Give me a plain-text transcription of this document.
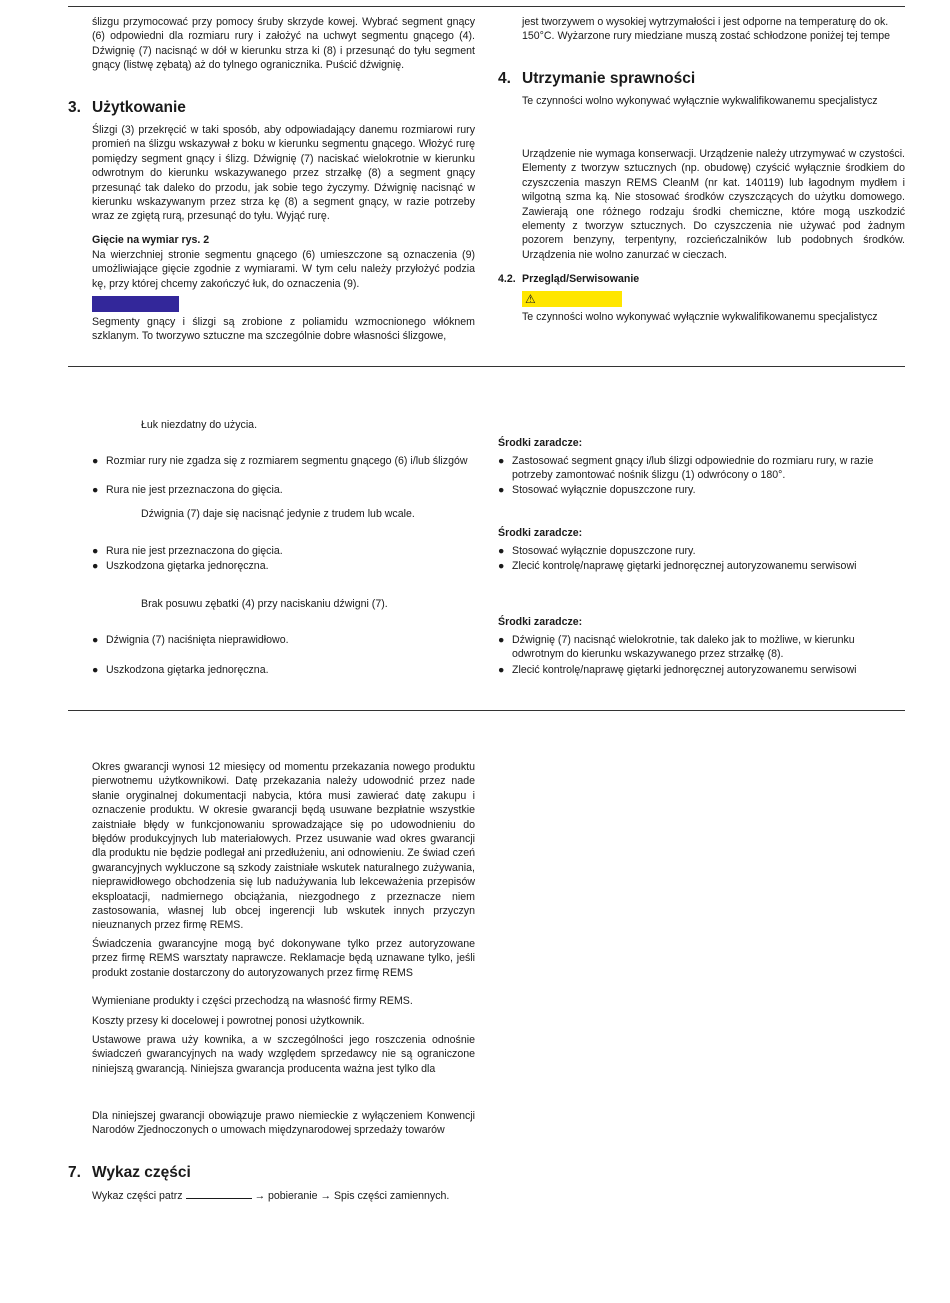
ślizgu przymocować przy pomocy śruby skrzyde kowej. Wybrać segment gnący (6) odpowiedni dla rozmiaru rury i założyć na uchwyt segmentu gnącego (4). Dźwignię (7) nacisnąć w dół w kierunku strza ki (8) i przesunąć do tyłu segment gnący (listwę zębatą) aż do tylnego ogranicznika. Puścić dźwignię.

3. Użytkowanie

Ślizgi (3) przekręcić w taki sposób, aby odpowiadający danemu rozmiarowi rury promień na ślizgu wskazywał z boku w kierunku segmentu gnącego. Włożyć rurę pomiędzy segment gnący i ślizg. Dźwignię (7) naciskać wielokrotnie w kierunku odwrotnym do kierunku wskazywanego przez strzałkę (8) a segment gnący przesunąć tak daleko do przodu, jak sobie tego życzymy. Dźwignię nacisnąć w kierunku wskazywanym przez strza kę (8) a segment gnący, w razie potrzeby wraz ze zgiętą rurą, przesunąć do tyłu. Wyjąć rurę.

Gięcie na wymiar rys. 2

Na wierzchniej stronie segmentu gnącego (6) umieszczone są oznaczenia (9) umożliwiające gięcie zgodnie z wymiarami. W tym celu należy przyłożyć podzia kę, przy której chcemy zakończyć łuk, do oznaczenia (9).

Segmenty gnący i ślizgi są zrobione z poliamidu wzmocnionego włóknem szklanym. To tworzywo sztuczne ma szczególnie dobre własności ślizgowe,

jest tworzywem o wysokiej wytrzymałości i jest odporne na temperaturę do ok. 150°C. Wyżarzone rury miedziane muszą zostać schłodzone poniżej tej tempe

4. Utrzymanie sprawności
Te czynności wolno wykonywać wyłącznie wykwalifikowanemu specjalistycz

Urządzenie nie wymaga konserwacji. Urządzenie należy utrzymywać w czystości. Elementy z tworzyw sztucznych (np. obudowę) czyścić wyłącznie środkiem do czyszczenia maszyn REMS CleanM (nr kat. 140119) lub łagodnym mydłem i wilgotną szma ką. Nie stosować środków czyszczących do użytku domowego. Zawierają one różnego rodzaju środki chemiczne, które mogą uszkodzić elementy z tworzyw sztucznych. Do czyszczenia nie używać pod żadnym pozorem benzyny, terpentyny, rozcieńczalników lub podobnych środków. Urządzenia nie wolno zanurzać w cieczach.

4.2. Przegląd/Serwisowanie
⚠
Te czynności wolno wykonywać wyłącznie wykwalifikowanemu specjalistycz
Łuk niezdatny do użycia.
Środki zaradcze:
● Rozmiar rury nie zgadza się z rozmiarem segmentu gnącego (6) i/lub ślizgów	● Zastosować segment gnący i/lub ślizgi odpowiednie do rozmiaru rury, w razie potrzeby zamontować nośnik ślizgu (1) odwrócony o 180°.
● Rura nie jest przeznaczona do gięcia.	● Stosować wyłącznie dopuszczone rury.
Dźwignia (7) daje się nacisnąć jedynie z trudem lub wcale.
Środki zaradcze:
● Rura nie jest przeznaczona do gięcia.	● Stosować wyłącznie dopuszczone rury.
● Uszkodzona giętarka jednoręczna.	● Zlecić kontrolę/naprawę giętarki jednoręcznej autoryzowanemu serwisowi
Brak posuwu zębatki (4) przy naciskaniu dźwigni (7).
Środki zaradcze:
● Dźwignia (7) naciśnięta nieprawidłowo.	● Dźwignię (7) nacisnąć wielokrotnie, tak daleko jak to możliwe, w kierunku odwrotnym do kierunku wskazywanego przez strzałkę (8).
● Uszkodzona giętarka jednoręczna.	● Zlecić kontrolę/naprawę giętarki jednoręcznej autoryzowanemu serwisowi

Okres gwarancji wynosi 12 miesięcy od momentu przekazania nowego produktu pierwotnemu użytkownikowi. Datę przekazania należy udowodnić przez nade słanie oryginalnej dokumentacji nabycia, która musi zawierać datę zakupu i oznaczenie produktu. W okresie gwarancji będą usuwane bezpłatnie wszystkie zaistniałe błędy w funkcjonowaniu sprowadzające się po udowodnieniu do błędów produkcyjnych lub materiałowych. Przez usuwanie wad okres gwarancji dla produktu nie będzie podlegał ani przedłużeniu, ani odnowieniu. Ze świad czeń gwarancyjnych wykluczone są szkody zaistniałe wskutek naturalnego zużywania, nieprawidłowego obchodzenia się lub nadużywania lub lekceważenia przepisów eksploatacji, nadmiernego obciążania, niezgodnego z przeznacze niem zastosowania, własnej lub obcej ingerencji lub wskutek innych przyczyn nieuznanych przez firmę REMS.

Świadczenia gwarancyjne mogą być dokonywane tylko przez autoryzowane przez firmę REMS warsztaty naprawcze. Reklamacje będą uznawane tylko, jeśli produkt zostanie dostarczony do autoryzowanych przez firmę REMS

Wymieniane produkty i części przechodzą na własność firmy REMS.

Koszty przesy ki docelowej i powrotnej ponosi użytkownik.

Ustawowe prawa uży kownika, a w szczególności jego roszczenia odnośnie świadczeń gwarancyjnych na wady względem sprzedawcy nie są ograniczone niniejszą gwarancją. Niniejsza gwarancja producenta ważna jest tylko dla

Dla niniejszej gwarancji obowiązuje prawo niemieckie z wyłączeniem Konwencji Narodów Zjednoczonych o umowach międzynarodowej sprzedaży towarów

7. Wykaz części
Wykaz części patrz	→ pobieranie → Spis części zamiennych.
